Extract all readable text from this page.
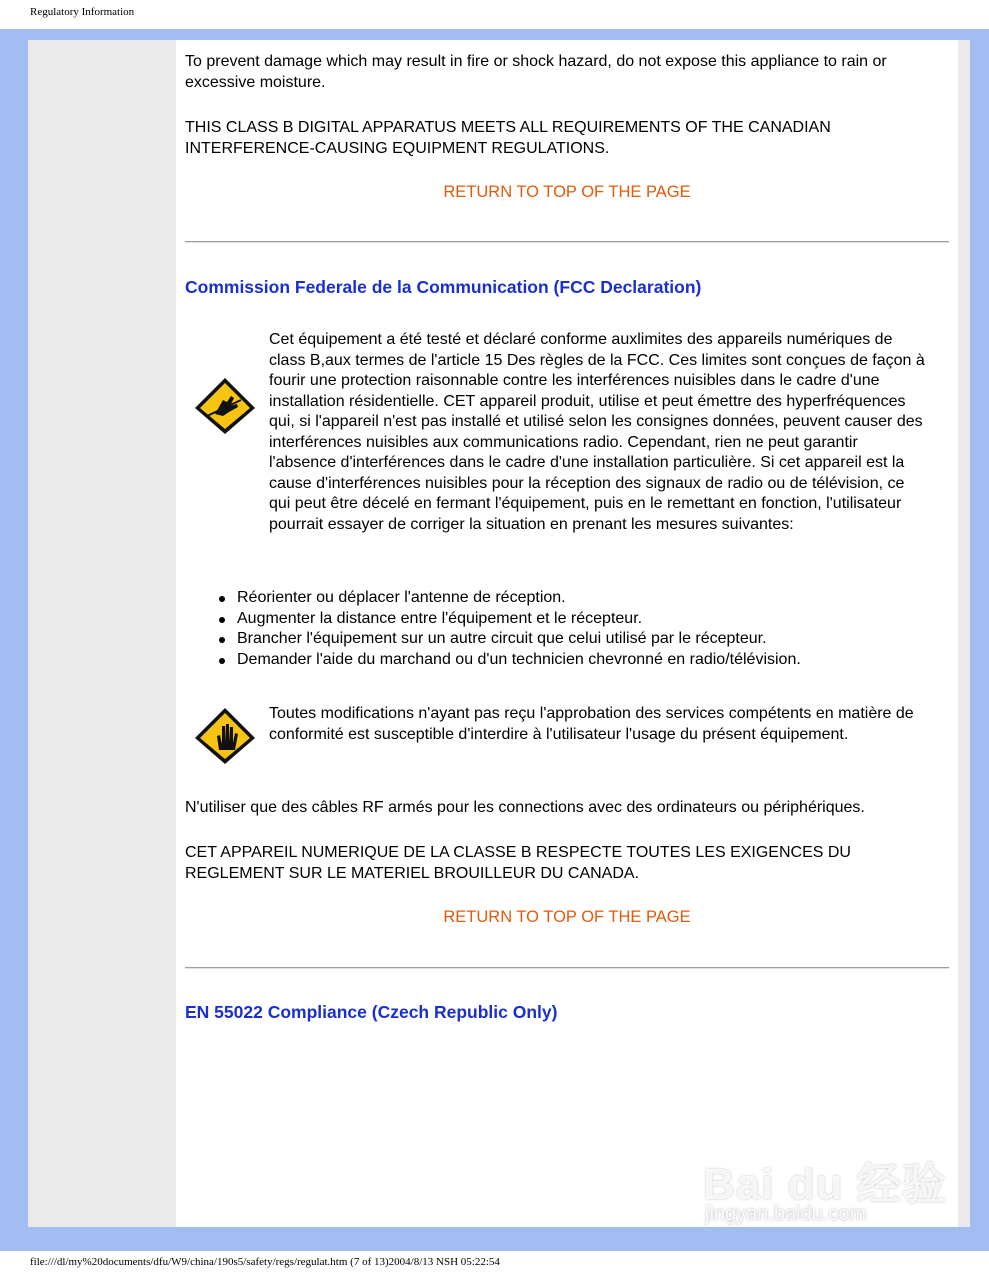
Regulatory Information

To prevent damage which may result in fire or shock hazard, do not expose this appliance to rain or excessive moisture.

THIS CLASS B DIGITAL APPARATUS MEETS ALL REQUIREMENTS OF THE CANADIAN INTERFERENCE-CAUSING EQUIPMENT REGULATIONS.

RETURN TO TOP OF THE PAGE
Commission Federale de la Communication (FCC Declaration)

Cet équipement a été testé et déclaré conforme auxlimites des appareils numériques de class B,aux termes de l'article 15 Des règles de la FCC. Ces limites sont conçues de façon à fourir une protection raisonnable contre les interférences nuisibles dans le cadre d'une installation résidentielle. CET appareil produit, utilise et peut émettre des hyperfréquences qui, si l'appareil n'est pas installé et utilisé selon les consignes données, peuvent causer des interférences nuisibles aux communications radio. Cependant, rien ne peut garantir l'absence d'interférences dans le cadre d'une installation particulière. Si cet appareil est la cause d'interférences nuisibles pour la réception des signaux de radio ou de télévision, ce qui peut être décelé en fermant l'équipement, puis en le remettant en fonction, l'utilisateur pourrait essayer de corriger la situation en prenant les mesures suivantes:

Réorienter ou déplacer l'antenne de réception.
Augmenter la distance entre l'équipement et le récepteur.
Brancher l'équipement sur un autre circuit que celui utilisé par le récepteur.
Demander l'aide du marchand ou d'un technicien chevronné en radio/télévision.

Toutes modifications n'ayant pas reçu l'approbation des services compétents en matière de conformité est susceptible d'interdire à l'utilisateur l'usage du présent équipement.

N'utiliser que des câbles RF armés pour les connections avec des ordinateurs ou périphériques.

CET APPAREIL NUMERIQUE DE LA CLASSE B RESPECTE TOUTES LES EXIGENCES DU REGLEMENT SUR LE MATERIEL BROUILLEUR DU CANADA.

RETURN TO TOP OF THE PAGE
EN 55022 Compliance (Czech Republic Only)
Bai du 经验
jingyan.baidu.com
file:///dl/my%20documents/dfu/W9/china/190s5/safety/regs/regulat.htm (7 of 13)2004/8/13 NSH 05:22:54
